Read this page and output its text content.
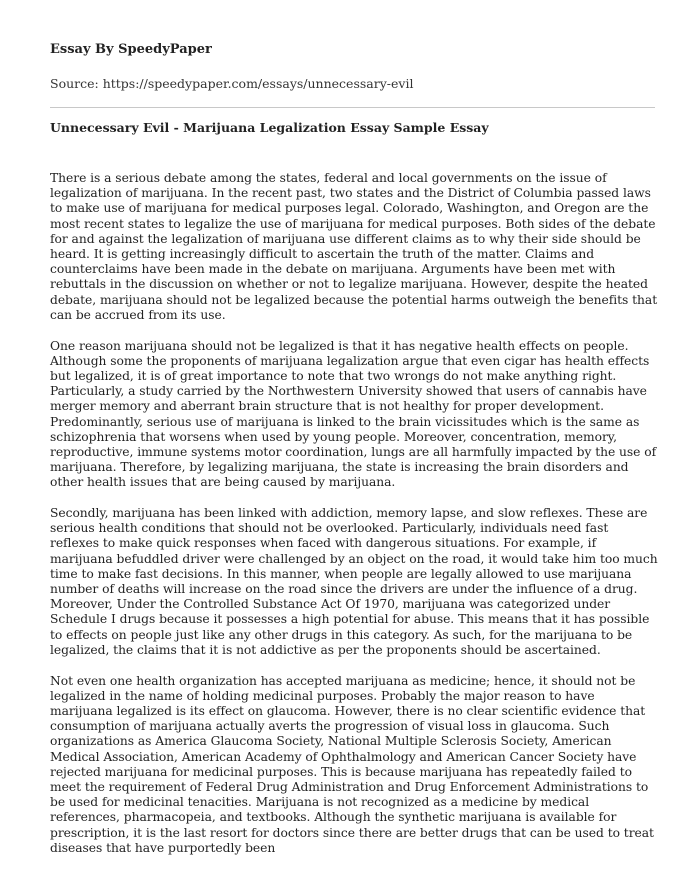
Essay By SpeedyPaper
Source: https://speedypaper.com/essays/unnecessary-evil
Unnecessary Evil - Marijuana Legalization Essay Sample Essay

There is a serious debate among the states, federal and local governments on the issue of legalization of marijuana. In the recent past, two states and the District of Columbia passed laws to make use of marijuana for medical purposes legal. Colorado, Washington, and Oregon are the most recent states to legalize the use of marijuana for medical purposes. Both sides of the debate for and against the legalization of marijuana use different claims as to why their side should be heard. It is getting increasingly difficult to ascertain the truth of the matter. Claims and counterclaims have been made in the debate on marijuana. Arguments have been met with rebuttals in the discussion on whether or not to legalize marijuana. However, despite the heated debate, marijuana should not be legalized because the potential harms outweigh the benefits that can be accrued from its use.

One reason marijuana should not be legalized is that it has negative health effects on people. Although some the proponents of marijuana legalization argue that even cigar has health effects but legalized, it is of great importance to note that two wrongs do not make anything right. Particularly, a study carried by the Northwestern University showed that users of cannabis have merger memory and aberrant brain structure that is not healthy for proper development. Predominantly, serious use of marijuana is linked to the brain vicissitudes which is the same as schizophrenia that worsens when used by young people. Moreover, concentration, memory, reproductive, immune systems motor coordination, lungs are all harmfully impacted by the use of marijuana. Therefore, by legalizing marijuana, the state is increasing the brain disorders and other health issues that are being caused by marijuana.

Secondly, marijuana has been linked with addiction, memory lapse, and slow reflexes. These are serious health conditions that should not be overlooked. Particularly, individuals need fast reflexes to make quick responses when faced with dangerous situations. For example, if marijuana befuddled driver were challenged by an object on the road, it would take him too much time to make fast decisions. In this manner, when people are legally allowed to use marijuana number of deaths will increase on the road since the drivers are under the influence of a drug. Moreover, Under the Controlled Substance Act Of 1970, marijuana was categorized under Schedule I drugs because it possesses a high potential for abuse. This means that it has possible to effects on people just like any other drugs in this category. As such, for the marijuana to be legalized, the claims that it is not addictive as per the proponents should be ascertained.

Not even one health organization has accepted marijuana as medicine; hence, it should not be legalized in the name of holding medicinal purposes. Probably the major reason to have marijuana legalized is its effect on glaucoma. However, there is no clear scientific evidence that consumption of marijuana actually averts the progression of visual loss in glaucoma. Such organizations as America Glaucoma Society, National Multiple Sclerosis Society, American Medical Association, American Academy of Ophthalmology and American Cancer Society have rejected marijuana for medicinal purposes. This is because marijuana has repeatedly failed to meet the requirement of Federal Drug Administration and Drug Enforcement Administrations to be used for medicinal tenacities. Marijuana is not recognized as a medicine by medical references, pharmacopeia, and textbooks. Although the synthetic marijuana is available for prescription, it is the last resort for doctors since there are better drugs that can be used to treat diseases that have purportedly been
